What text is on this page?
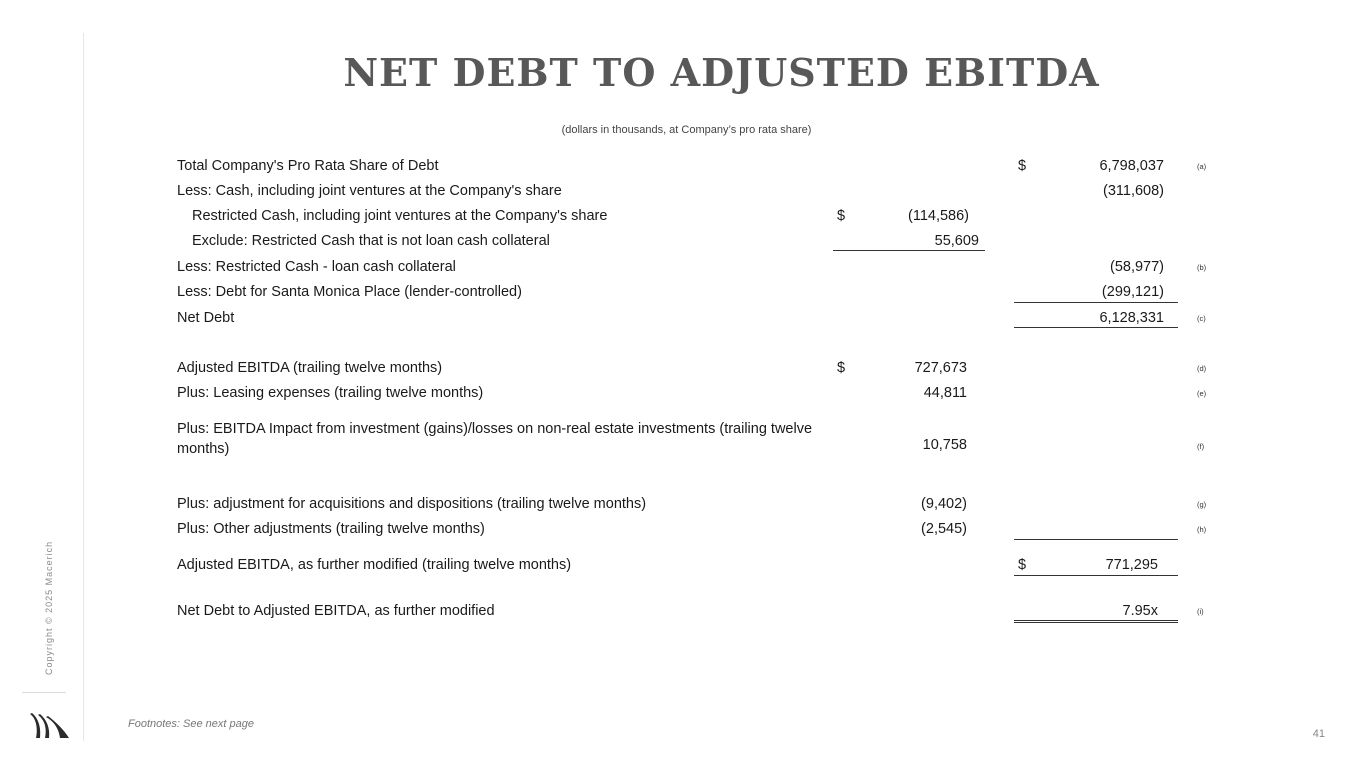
Copyright © 2025 Macerich
NET DEBT TO ADJUSTED EBITDA
(dollars in thousands, at Company’s pro rata share)
Total Company's Pro Rata Share of Debt	$	6,798,037	(a)
Less: Cash, including joint ventures at the Company's share	(311,608)
Restricted Cash, including joint ventures at the Company's share	$	(114,586)
Exclude: Restricted Cash that is not loan cash collateral	55,609
Less: Restricted Cash - loan cash collateral	(58,977)	(b)
Less: Debt for Santa Monica Place (lender-controlled)	(299,121)
Net Debt	6,128,331	(c)
Adjusted EBITDA (trailing twelve months)	$	727,673	(d)
Plus: Leasing expenses (trailing twelve months)	44,811	(e)
Plus: EBITDA Impact from investment (gains)/losses on non-real estate investments (trailing twelve months)	10,758	(f)
Plus: adjustment for acquisitions and dispositions (trailing twelve months)	(9,402)	(g)
Plus: Other adjustments (trailing twelve months)	(2,545)	(h)
Adjusted EBITDA, as further modified (trailing twelve months)	$	771,295
Net Debt to Adjusted EBITDA, as further modified	7.95x	(i)
Footnotes: See next page
41
